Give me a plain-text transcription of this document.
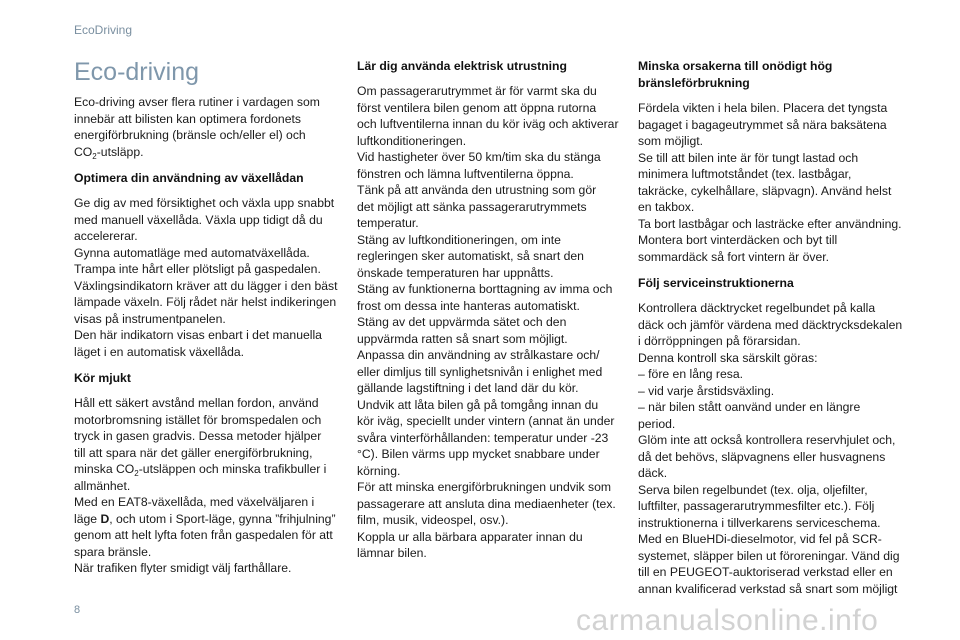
EcoDriving
Eco-driving

Eco-driving avser flera rutiner i vardagen som
innebär att bilisten kan optimera fordonets
energiförbrukning (bränsle och/eller el) och
$CO_2$-utsläpp.

Optimera din användning av växellådan

Ge dig av med försiktighet och växla upp snabbt
med manuell växellåda. Växla upp tidigt då du
accelererar.
Gynna automatläge med automatväxellåda.
Trampa inte hårt eller plötsligt på gaspedalen.
Växlingsindikatorn kräver att du lägger i den bäst
lämpade växeln. Följ rådet när helst indikeringen
visas på instrumentpanelen.
Den här indikatorn visas enbart i det manuella
läget i en automatisk växellåda.

Kör mjukt

Håll ett säkert avstånd mellan fordon, använd
motorbromsning istället för bromspedalen och
tryck in gasen gradvis. Dessa metoder hjälper
till att spara när det gäller energiförbrukning,
minska $CO_2$-utsläppen och minska trafikbuller i
allmänhet.
Med en EAT8-växellåda, med växelväljaren i
läge D, och utom i Sport-läge, gynna ”frihjulning”
genom att helt lyfta foten från gaspedalen för att
spara bränsle.
När trafiken flyter smidigt välj farthållare.

Lär dig använda elektrisk utrustning

Om passagerarutrymmet är för varmt ska du
först ventilera bilen genom att öppna rutorna
och luftventilerna innan du kör iväg och aktiverar
luftkonditioneringen.
Vid hastigheter över 50 km/tim ska du stänga
fönstren och lämna luftventilerna öppna.
Tänk på att använda den utrustning som gör
det möjligt att sänka passagerarutrymmets
temperatur.
Stäng av luftkonditioneringen, om inte
regleringen sker automatiskt, så snart den
önskade temperaturen har uppnåtts.
Stäng av funktionerna borttagning av imma och
frost om dessa inte hanteras automatiskt.
Stäng av det uppvärmda sätet och den
uppvärmda ratten så snart som möjligt.
Anpassa din användning av strålkastare och/
eller dimljus till synlighetsnivån i enlighet med
gällande lagstiftning i det land där du kör.
Undvik att låta bilen gå på tomgång innan du
kör iväg, speciellt under vintern (annat än under
svåra vinterförhållanden: temperatur under -23
°C). Bilen värms upp mycket snabbare under
körning.
För att minska energiförbrukningen undvik som
passagerare att ansluta dina mediaenheter (tex.
film, musik, videospel, osv.).
Koppla ur alla bärbara apparater innan du
lämnar bilen.

Minska orsakerna till onödigt hög
bränsleförbrukning

Fördela vikten i hela bilen. Placera det tyngsta
bagaget i bagageutrymmet så nära baksätena
som möjligt.
Se till att bilen inte är för tungt lastad och
minimera luftmotståndet (tex. lastbågar,
takräcke, cykelhållare, släpvagn). Använd helst
en takbox.
Ta bort lastbågar och lasträcke efter användning.
Montera bort vinterdäcken och byt till
sommardäck så fort vintern är över.

Följ serviceinstruktionerna

Kontrollera däcktrycket regelbundet på kalla
däck och jämför värdena med däcktrycksdekalen
i dörröppningen på förarsidan.
Denna kontroll ska särskilt göras:
– före en lång resa.
– vid varje årstidsväxling.
– när bilen stått oanvänd under en längre
period.
Glöm inte att också kontrollera reservhjulet och,
då det behövs, släpvagnens eller husvagnens
däck.
Serva bilen regelbundet (tex. olja, oljefilter,
luftfilter, passagerarutrymmesfilter etc.). Följ
instruktionerna i tillverkarens serviceschema.
Med en BlueHDi-dieselmotor, vid fel på SCR-
systemet, släpper bilen ut föroreningar. Vänd dig
till en PEUGEOT-auktoriserad verkstad eller en
annan kvalificerad verkstad så snart som möjligt

8	carmanualsonline.info
